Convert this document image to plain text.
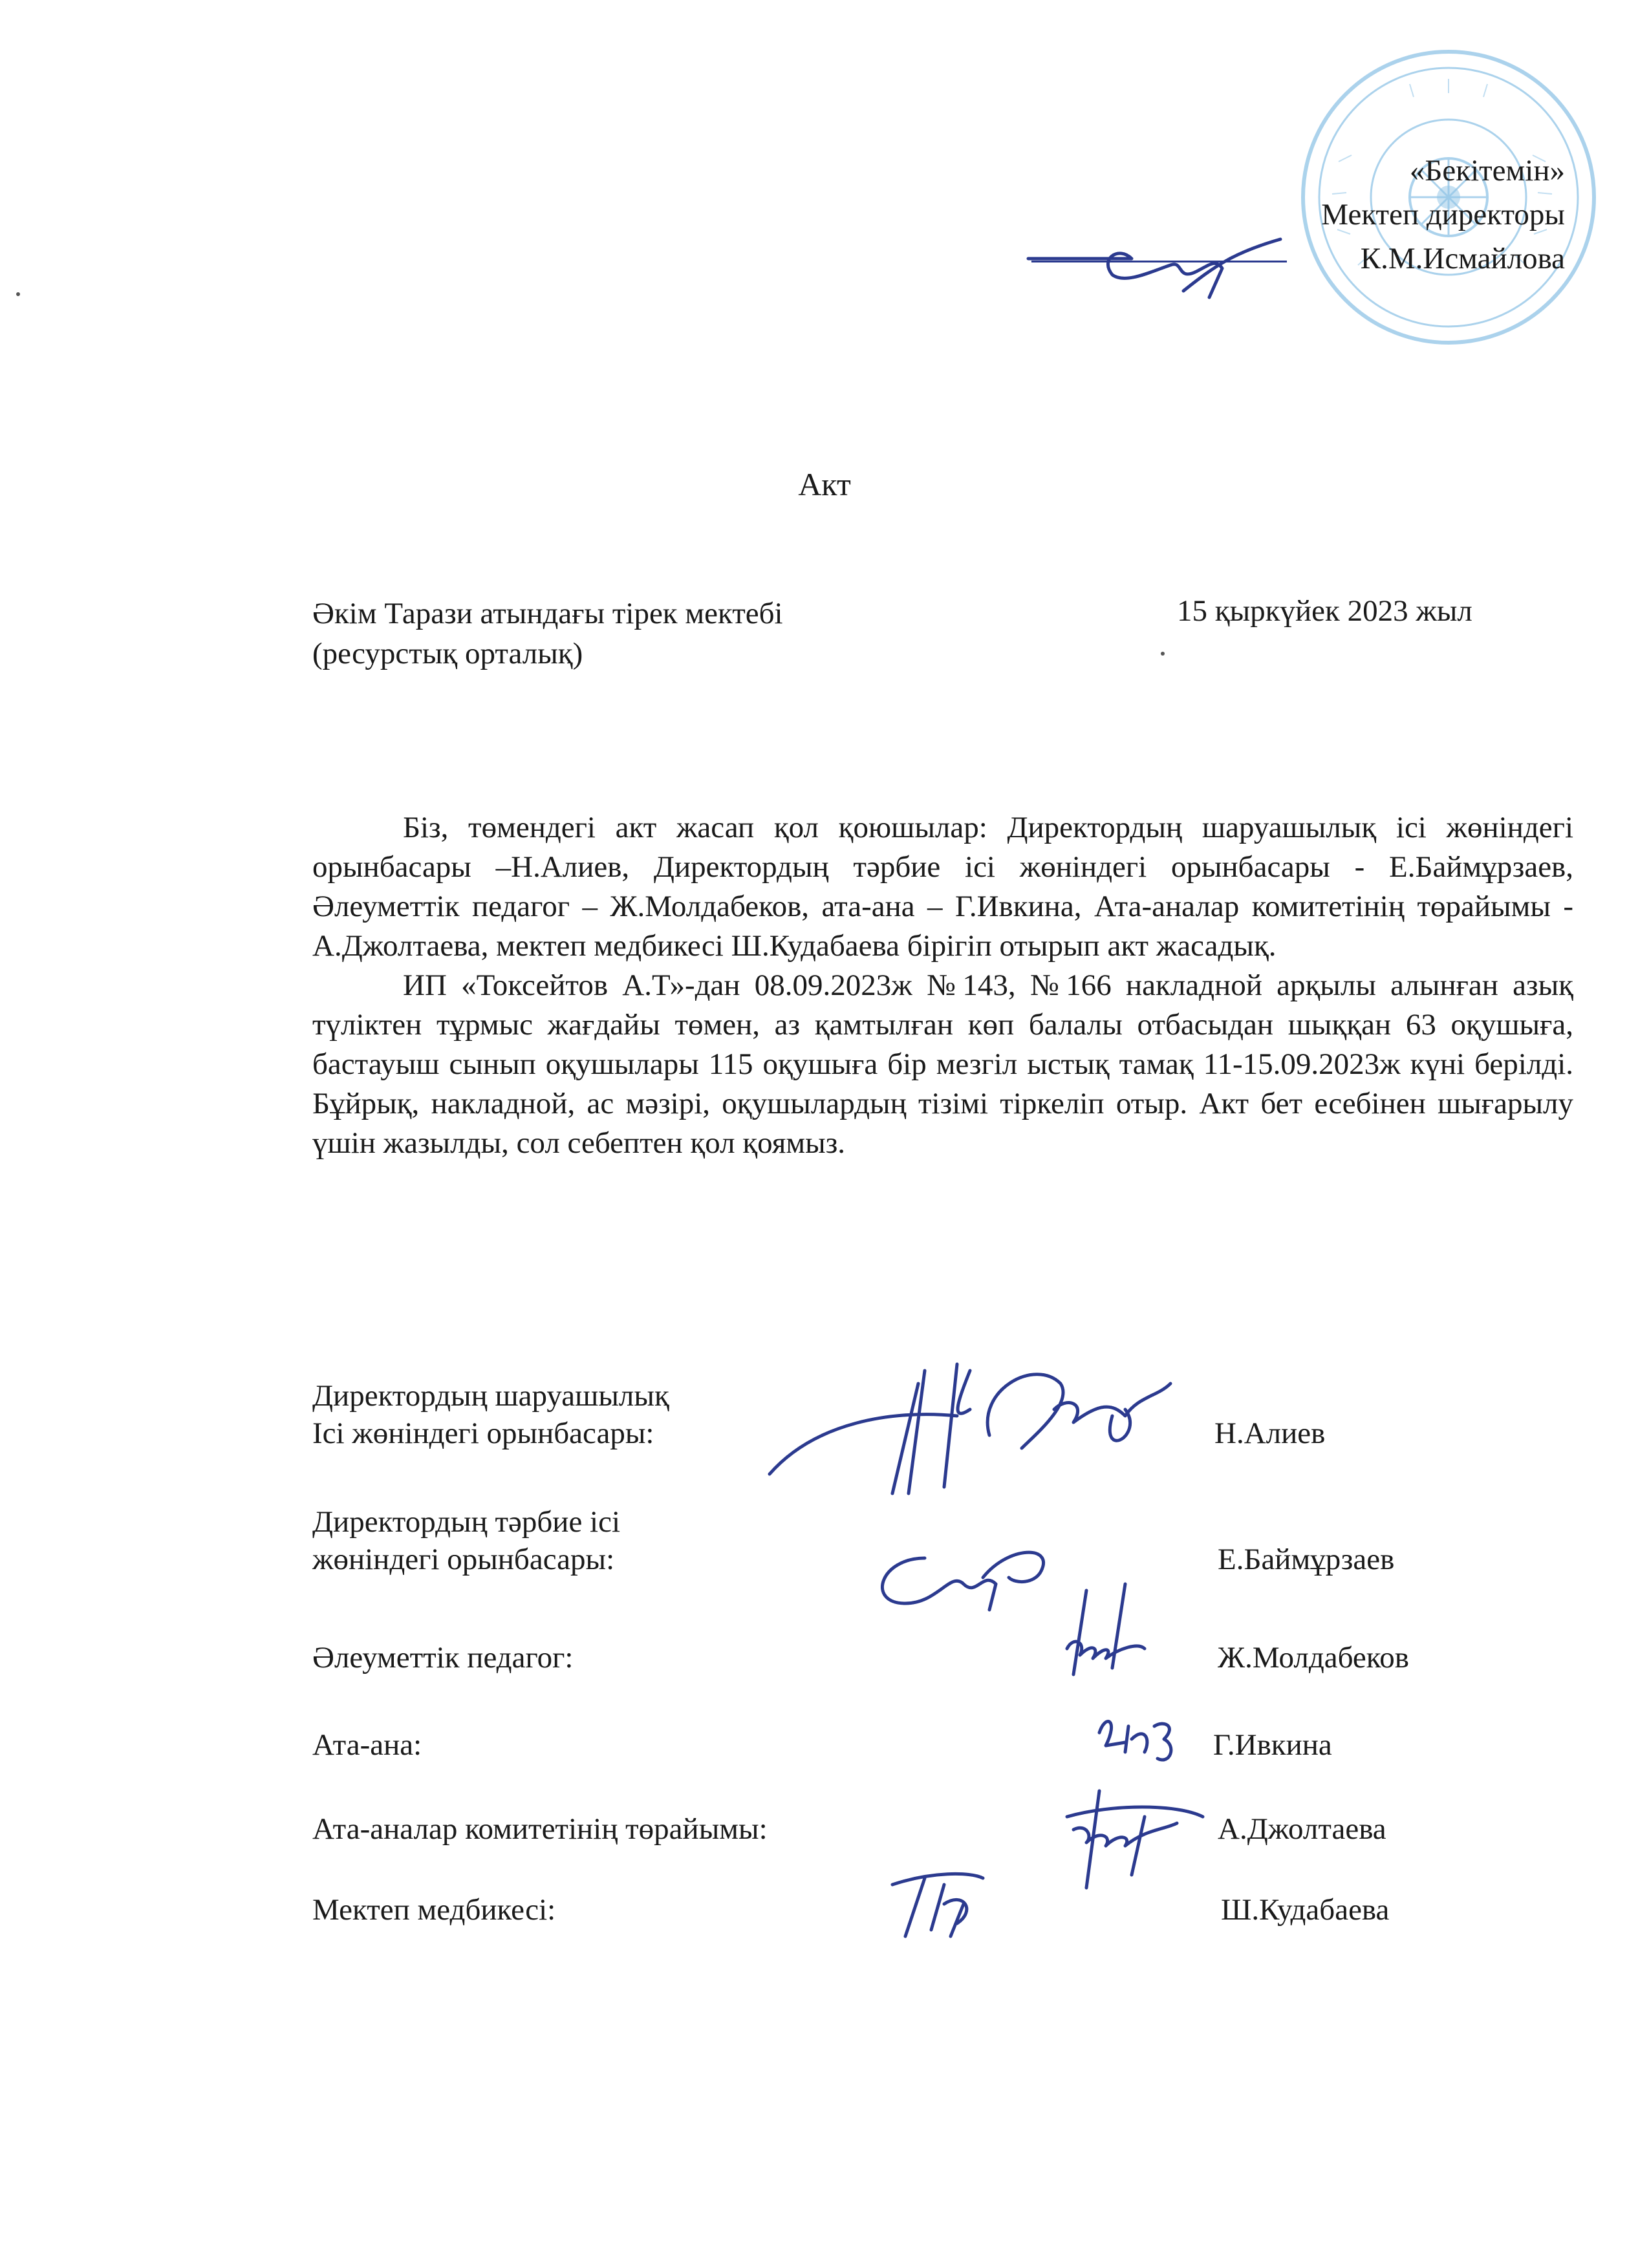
«Бекітемін»
Мектеп директоры
К.М.Исмайлова
Акт
Әкім Тарази атындағы тірек мектебі
(ресурстық орталық)
15 қыркүйек 2023 жыл

Біз, төмендегі акт жасап қол қоюшылар: Директордың шаруашылық ісі жөніндегі орынбасары –Н.Алиев, Директордың тәрбие ісі жөніндегі орынбасары - Е.Баймұрзаев, Әлеуметтік педагог – Ж.Молдабеков, ата-ана – Г.Ивкина, Ата-аналар комитетінің төрайымы - А.Джолтаева, мектеп медбикесі Ш.Кудабаева бірігіп отырып акт жасадық.

ИП «Токсейтов А.Т»-дан 08.09.2023ж №143, №166 накладной арқылы алынған азық түліктен тұрмыс жағдайы төмен, аз қамтылған көп балалы отбасыдан шыққан 63 оқушыға, бастауыш сынып оқушылары 115 оқушыға бір мезгіл ыстық тамақ 11-15.09.2023ж күні берілді. Бұйрық, накладной, ас мәзірі, оқушылардың тізімі тіркеліп отыр. Акт бет есебінен шығарылу үшін жазылды, сол себептен қол қоямыз.

Директордың шаруашылық
Ісі жөніндегі орынбасары:	Н.Алиев
Директордың тәрбие ісі
жөніндегі орынбасары:	Е.Баймұрзаев
Әлеуметтік педагог:	Ж.Молдабеков
Ата-ана:	Г.Ивкина
Ата-аналар комитетінің төрайымы:	А.Джолтаева
Мектеп медбикесі:	Ш.Кудабаева
